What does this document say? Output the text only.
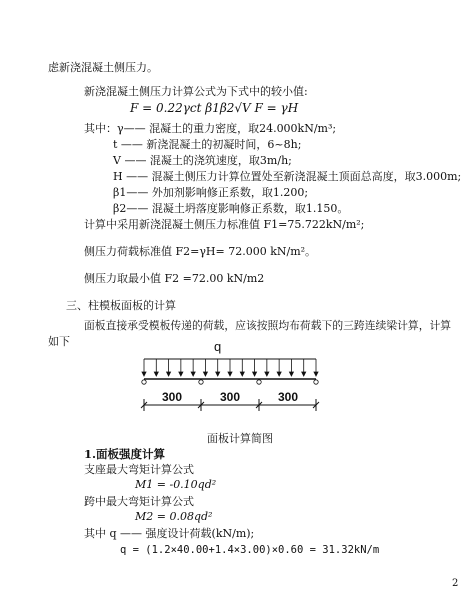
虑新浇混凝土侧压力。
新浇混凝土侧压力计算公式为下式中的较小值:
F = 0.22γct β1β2√V F = γH
其中：γ—— 混凝土的重力密度，取24.000kN/m³;
t —— 新浇混凝土的初凝时间，6~8h;
V —— 混凝土的浇筑速度，取3m/h;
H —— 混凝土侧压力计算位置处至新浇混凝土顶面总高度，取3.000m;
β1—— 外加剂影响修正系数，取1.200;
β2—— 混凝土坍落度影响修正系数，取1.150。
计算中采用新浇混凝土侧压力标准值 F1=75.722kN/m²;
侧压力荷载标准值 F2=γH= 72.000 kN/m²。
侧压力取最小值 F2 =72.00 kN/m2
三、柱模板面板的计算
面板直接承受模板传递的荷载，应该按照均布荷载下的三跨连续梁计算，计算
如下	q
300	300	300
面板计算简图
1.面板强度计算
支座最大弯矩计算公式
M1 = -0.10qd²
跨中最大弯矩计算公式
M2 = 0.08qd²
其中 q —— 强度设计荷载(kN/m);
q = (1.2×40.00+1.4×3.00)×0.60 = 31.32kN/m
2
